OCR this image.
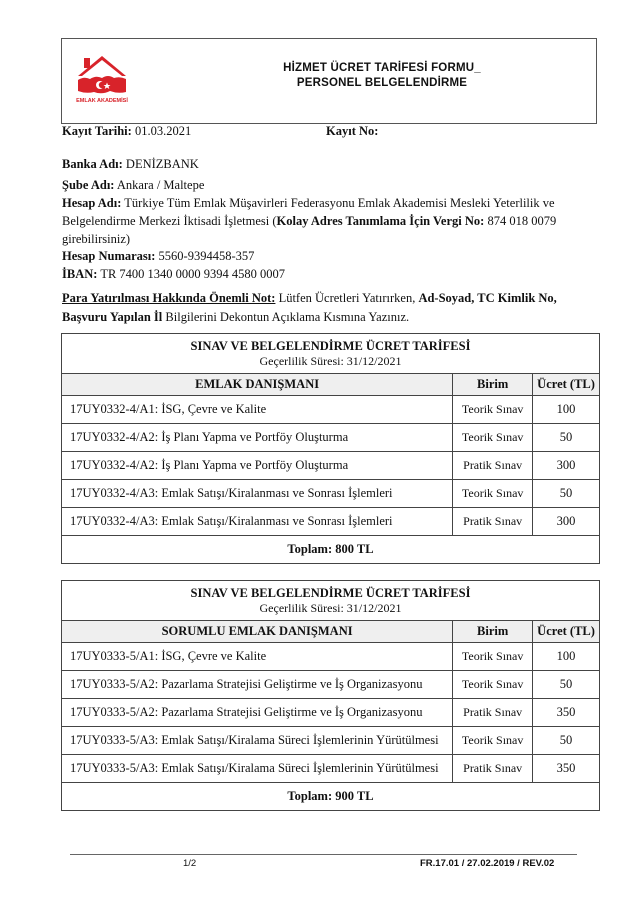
EMLAK AKADEMİSİ
HİZMET ÜCRET TARİFESİ FORMU_
PERSONEL BELGELENDİRME
Kayıt Tarihi: 01.03.2021	Kayıt No:
Banka Adı: DENİZBANK
Şube Adı: Ankara / Maltepe
Hesap Adı: Türkiye Tüm Emlak Müşavirleri Federasyonu Emlak Akademisi Mesleki Yeterlilik ve Belgelendirme Merkezi İktisadi İşletmesi (Kolay Adres Tanımlama İçin Vergi No: 874 018 0079 girebilirsiniz)
Hesap Numarası: 5560-9394458-357
İBAN: TR 7400 1340 0000 9394 4580 0007
Para Yatırılması Hakkında Önemli Not: Lütfen Ücretleri Yatırırken, Ad-Soyad, TC Kimlik No, Başvuru Yapılan İl Bilgilerini Dekontun Açıklama Kısmına Yazınız.
SINAV VE BELGELENDİRME ÜCRET TARİFESİ
Geçerlilik Süresi: 31/12/2021		

EMLAK DANIŞMANI	Birim	Ücret (TL)
17UY0332-4/A1: İSG, Çevre ve Kalite	Teorik Sınav	100
17UY0332-4/A2: İş Planı Yapma ve Portföy Oluşturma	Teorik Sınav	50
17UY0332-4/A2: İş Planı Yapma ve Portföy Oluşturma	Pratik Sınav	300
17UY0332-4/A3: Emlak Satışı/Kiralanması ve Sonrası İşlemleri	Teorik Sınav	50
17UY0332-4/A3: Emlak Satışı/Kiralanması ve Sonrası İşlemleri	Pratik Sınav	300
Toplam: 800 TL		
SINAV VE BELGELENDİRME ÜCRET TARİFESİ
Geçerlilik Süresi: 31/12/2021		

SORUMLU EMLAK DANIŞMANI	Birim	Ücret (TL)
17UY0333-5/A1: İSG, Çevre ve Kalite	Teorik Sınav	100
17UY0333-5/A2: Pazarlama Stratejisi Geliştirme ve İş Organizasyonu	Teorik Sınav	50
17UY0333-5/A2: Pazarlama Stratejisi Geliştirme ve İş Organizasyonu	Pratik Sınav	350
17UY0333-5/A3: Emlak Satışı/Kiralama Süreci İşlemlerinin Yürütülmesi	Teorik Sınav	50
17UY0333-5/A3: Emlak Satışı/Kiralama Süreci İşlemlerinin Yürütülmesi	Pratik Sınav	350
Toplam: 900 TL		
1/2	FR.17.01 / 27.02.2019 / REV.02
